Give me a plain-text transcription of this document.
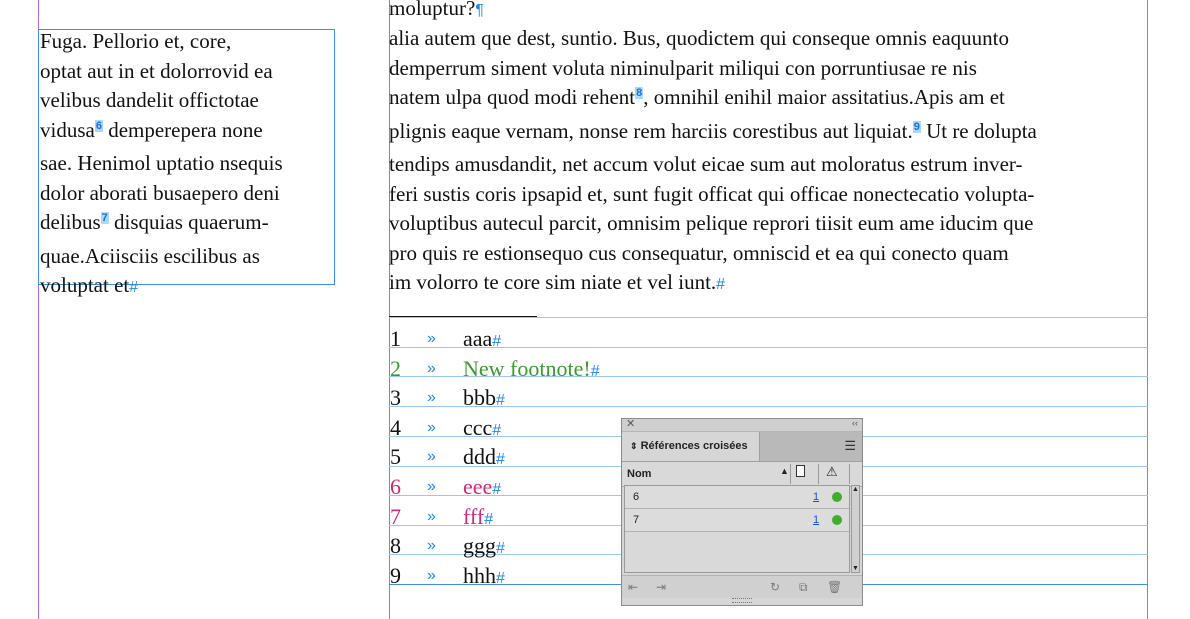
Fuga. Pellorio et, core,
optat aut in et dolorrovid ea
velibus dandelit offictotae
vidusa$^6$ demperepera none
sae. Henimol uptatio nsequis
dolor aborati busaepero deni
delibus$^7$ disquias quaerum-
quae.Aciisciis escilibus as
voluptat et#
moluptur?¶
alia autem que dest, suntio. Bus, quodictem qui conseque omnis eaquunto
demperrum siment voluta niminulparit miliqui con porruntiusae re nis
natem ulpa quod modi rehent$^8$, omnihil enihil maior assitatius.Apis am et
plignis eaque vernam, nonse rem harciis corestibus aut liquiat.$^9$ Ut re dolupta
tendips amusdandit, net accum volut eicae sum aut moloratus estrum inver-
feri sustis coris ipsapid et, sunt fugit officat qui officae nonectecatio volupta-
voluptibus autecul parcit, omnisim pelique reprori tiisit eum ame iducim que
pro quis re estionsequo cus consequatur, omniscid et ea qui conecto quam
im volorro te core sim niate et vel iunt.#
1 » aaa#
2 » New footnote!#
3 » bbb#
4 » ccc#
5 » ddd#
6 » eee#
7 » fff#
8 » ggg#
9 » hhh#
✕	‹‹
⇕ Références croisées	☰
Nom	▲	⚠
6	1
7	1
▲
▼
⇤ ⇥	↻ ⧉ 🗑
